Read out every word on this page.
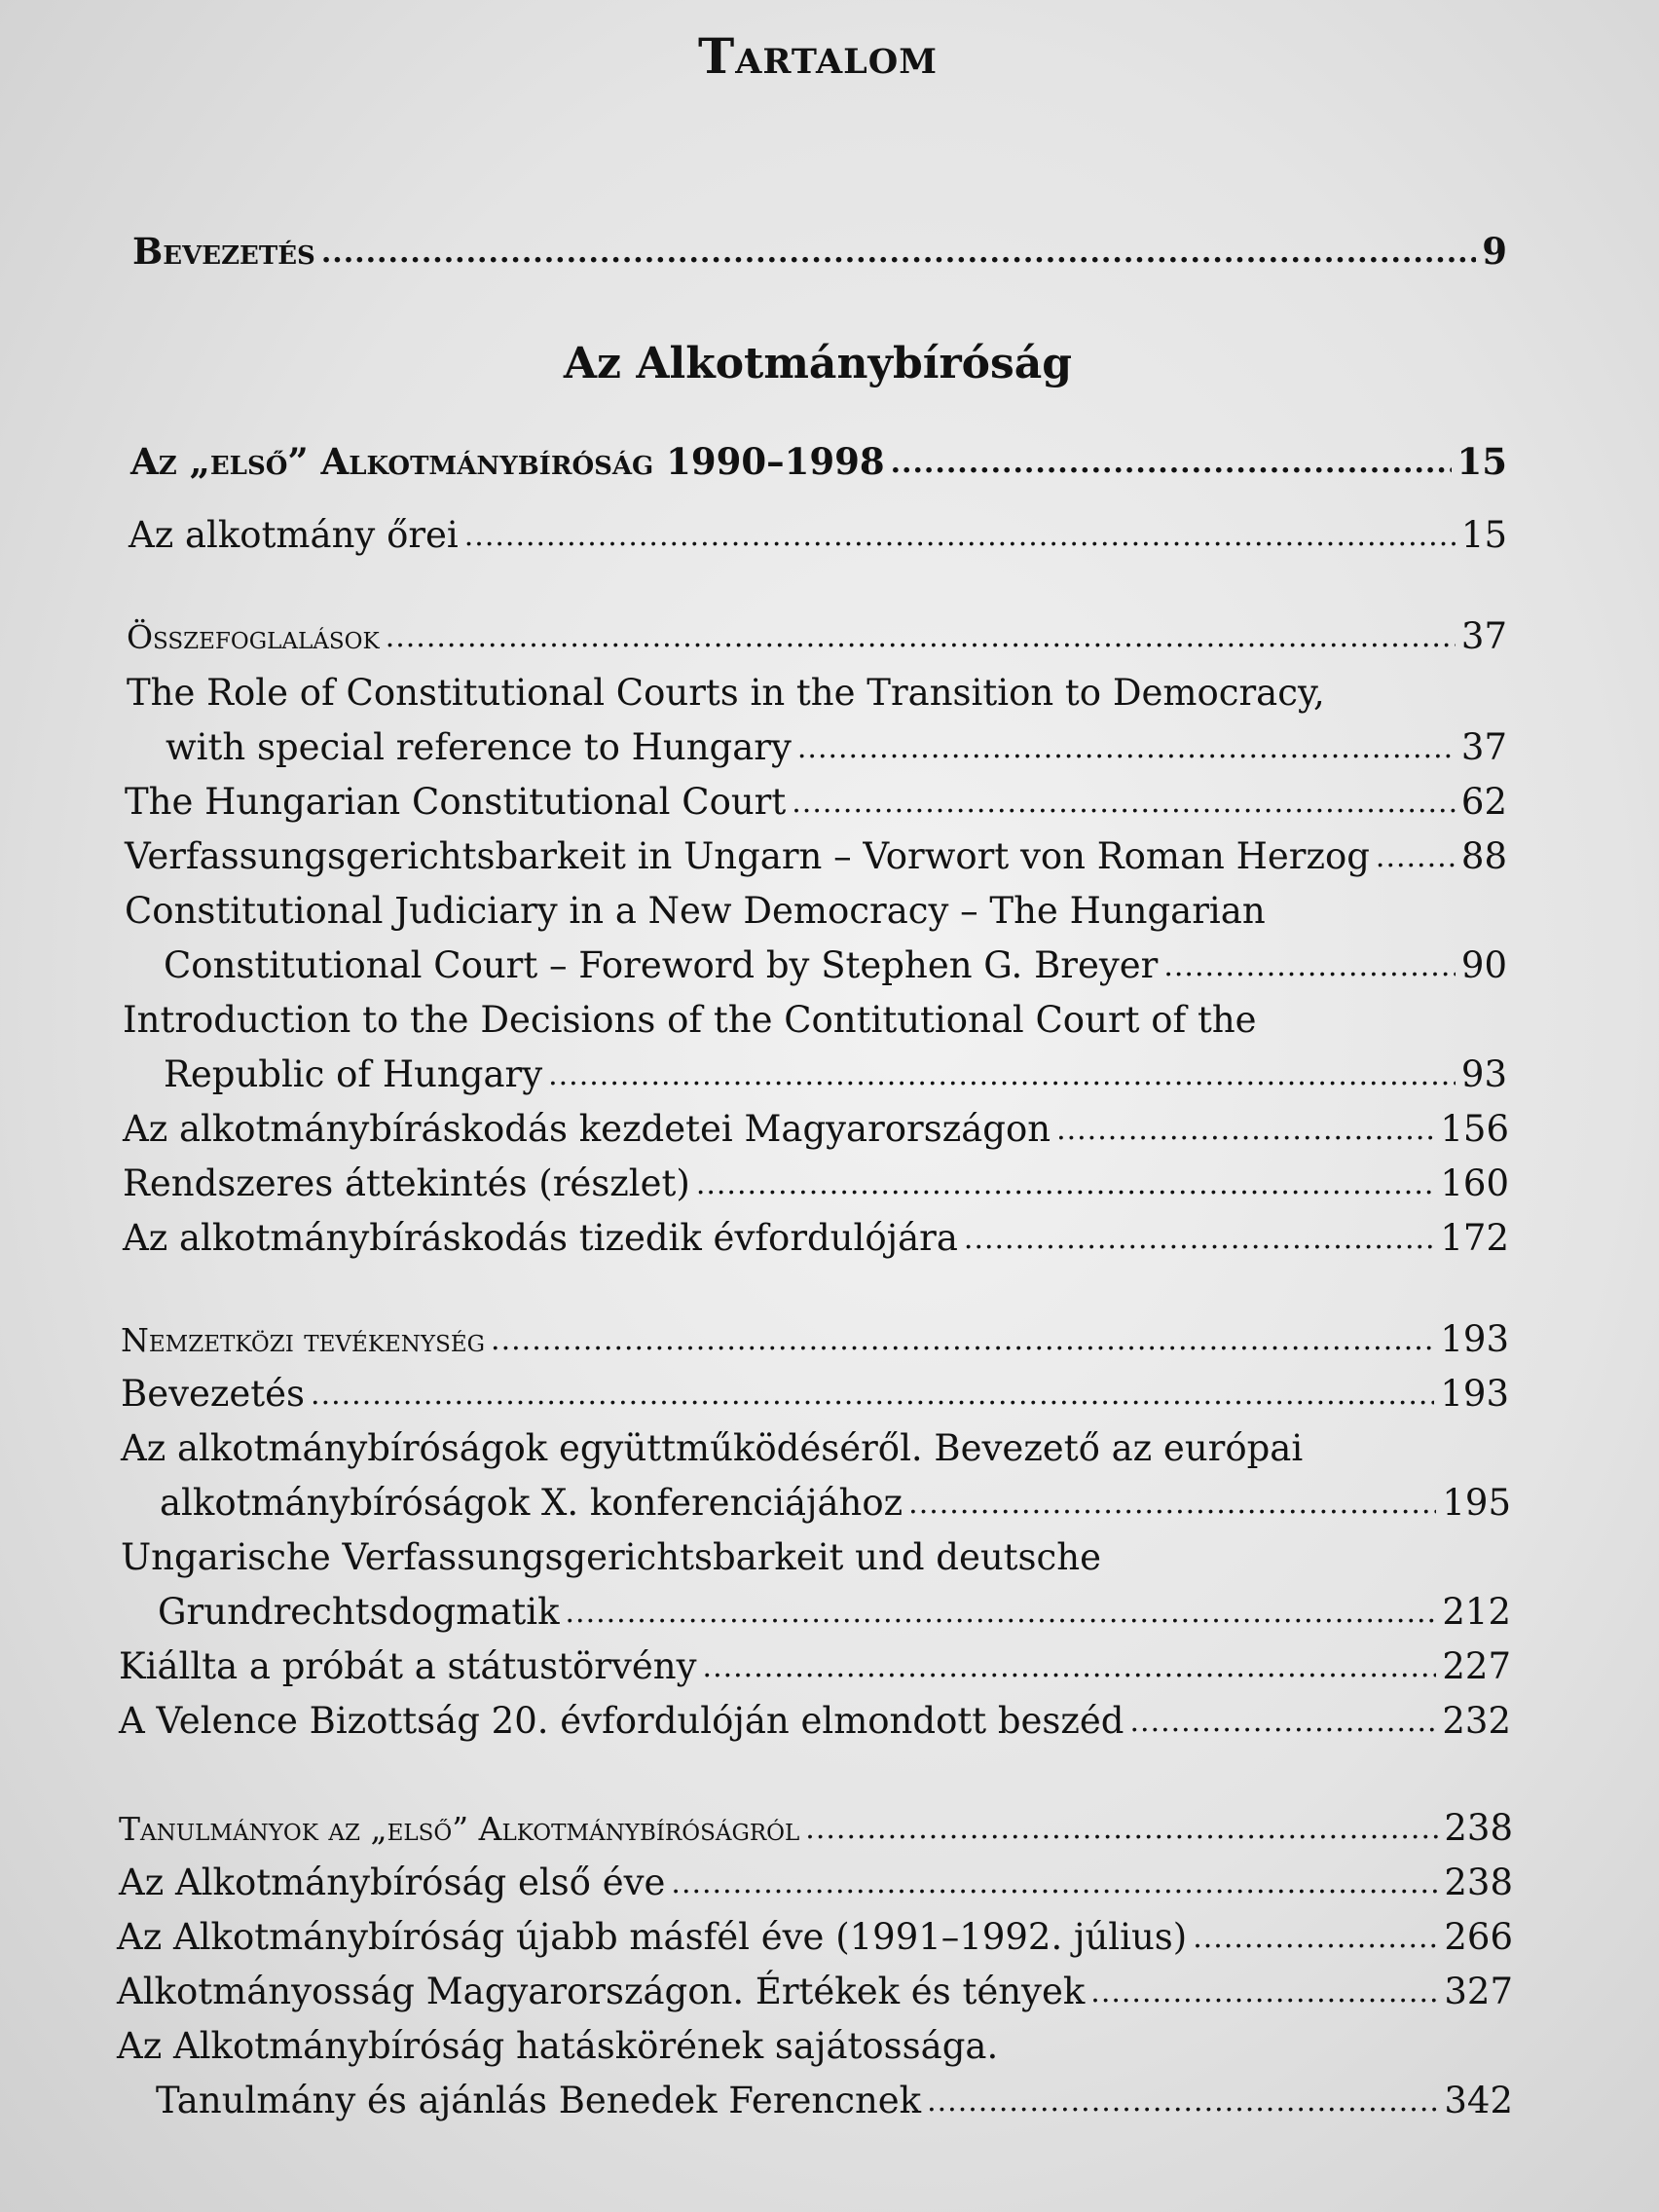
Tartalom
Bevezetés .....	9
Az Alkotmánybíróság
Az „első” Alkotmánybíróság 1990–1998 .....	15
Az alkotmány őrei .....	15
Összefoglalások .....	37
The Role of Constitutional Courts in the Transition to Democracy,
with special reference to Hungary .....	37
The Hungarian Constitutional Court .....	62
Verfassungsgerichtsbarkeit in Ungarn – Vorwort von Roman Herzog .....	88
Constitutional Judiciary in a New Democracy – The Hungarian
Constitutional Court – Foreword by Stephen G. Breyer .....	90
Introduction to the Decisions of the Contitutional Court of the
Republic of Hungary .....	93
Az alkotmánybíráskodás kezdetei Magyarországon .....	156
Rendszeres áttekintés (részlet) .....	160
Az alkotmánybíráskodás tizedik évfordulójára .....	172
Nemzetközi tevékenység .....	193
Bevezetés .....	193
Az alkotmánybíróságok együttműködéséről. Bevezető az európai
alkotmánybíróságok X. konferenciájához .....	195
Ungarische Verfassungsgerichtsbarkeit und deutsche
Grundrechtsdogmatik .....	212
Kiállta a próbát a státustörvény .....	227
A Velence Bizottság 20. évfordulóján elmondott beszéd .....	232
Tanulmányok az „első” Alkotmánybíróságról .....	238
Az Alkotmánybíróság első éve .....	238
Az Alkotmánybíróság újabb másfél éve (1991–1992. július) .....	266
Alkotmányosság Magyarországon. Értékek és tények .....	327
Az Alkotmánybíróság hatáskörének sajátossága.
Tanulmány és ajánlás Benedek Ferencnek .....	342
